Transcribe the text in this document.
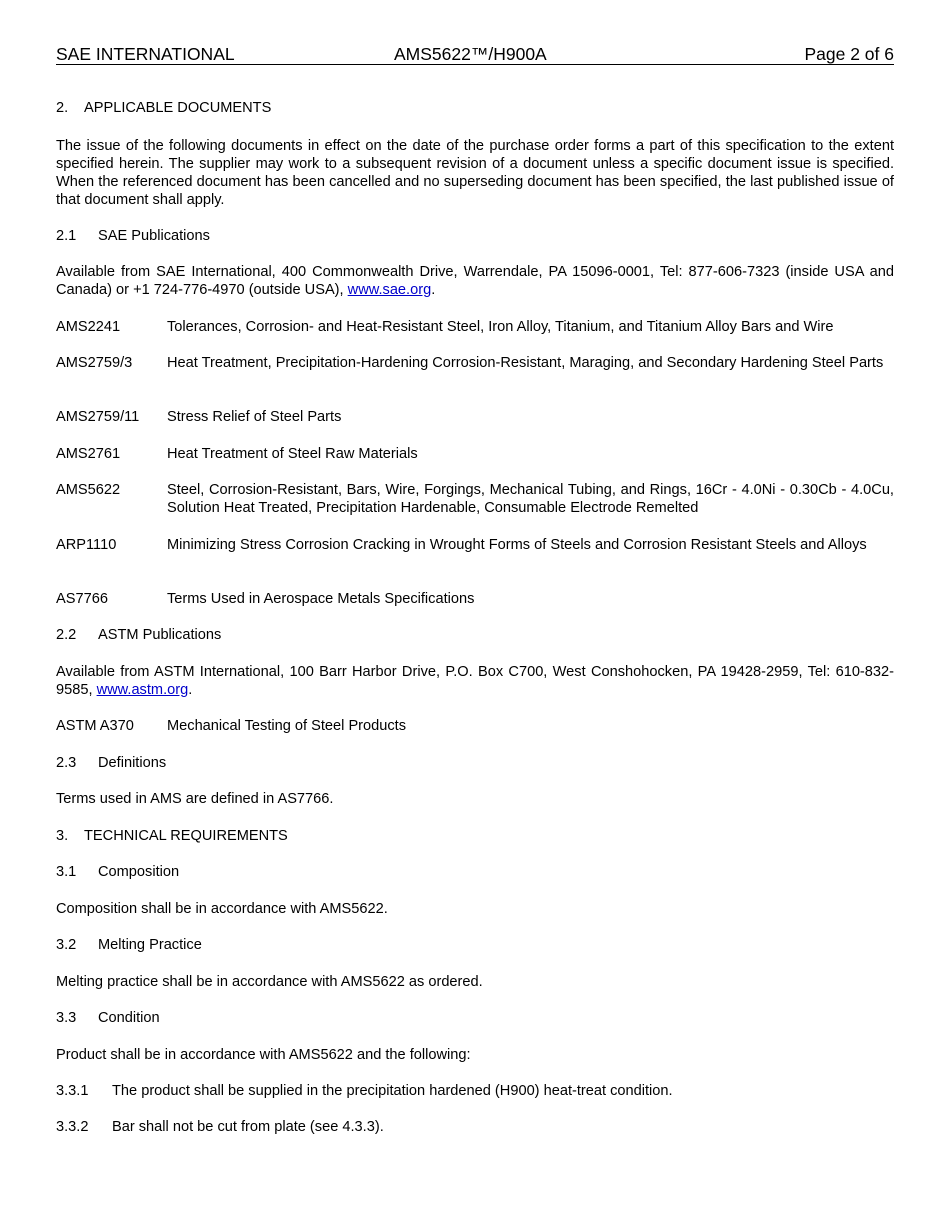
SAE INTERNATIONAL	AMS5622™/H900A	Page 2 of 6
2. APPLICABLE DOCUMENTS
The issue of the following documents in effect on the date of the purchase order forms a part of this specification to the extent specified herein. The supplier may work to a subsequent revision of a document unless a specific document issue is specified. When the referenced document has been cancelled and no superseding document has been specified, the last published issue of that document shall apply.
2.1 SAE Publications
Available from SAE International, 400 Commonwealth Drive, Warrendale, PA 15096-0001, Tel: 877-606-7323 (inside USA and Canada) or +1 724-776-4970 (outside USA), www.sae.org.
AMS2241	Tolerances, Corrosion- and Heat-Resistant Steel, Iron Alloy, Titanium, and Titanium Alloy Bars and Wire
AMS2759/3	Heat Treatment, Precipitation-Hardening Corrosion-Resistant, Maraging, and Secondary Hardening Steel Parts
AMS2759/11	Stress Relief of Steel Parts
AMS2761	Heat Treatment of Steel Raw Materials
AMS5622	Steel, Corrosion-Resistant, Bars, Wire, Forgings, Mechanical Tubing, and Rings, 16Cr - 4.0Ni - 0.30Cb - 4.0Cu, Solution Heat Treated, Precipitation Hardenable, Consumable Electrode Remelted
ARP1110	Minimizing Stress Corrosion Cracking in Wrought Forms of Steels and Corrosion Resistant Steels and Alloys
AS7766	Terms Used in Aerospace Metals Specifications
2.2 ASTM Publications
Available from ASTM International, 100 Barr Harbor Drive, P.O. Box C700, West Conshohocken, PA 19428-2959, Tel: 610-832-9585, www.astm.org.
ASTM A370	Mechanical Testing of Steel Products
2.3 Definitions
Terms used in AMS are defined in AS7766.
3. TECHNICAL REQUIREMENTS
3.1 Composition
Composition shall be in accordance with AMS5622.
3.2 Melting Practice
Melting practice shall be in accordance with AMS5622 as ordered.
3.3 Condition
Product shall be in accordance with AMS5622 and the following:
3.3.1 The product shall be supplied in the precipitation hardened (H900) heat-treat condition.
3.3.2 Bar shall not be cut from plate (see 4.3.3).
